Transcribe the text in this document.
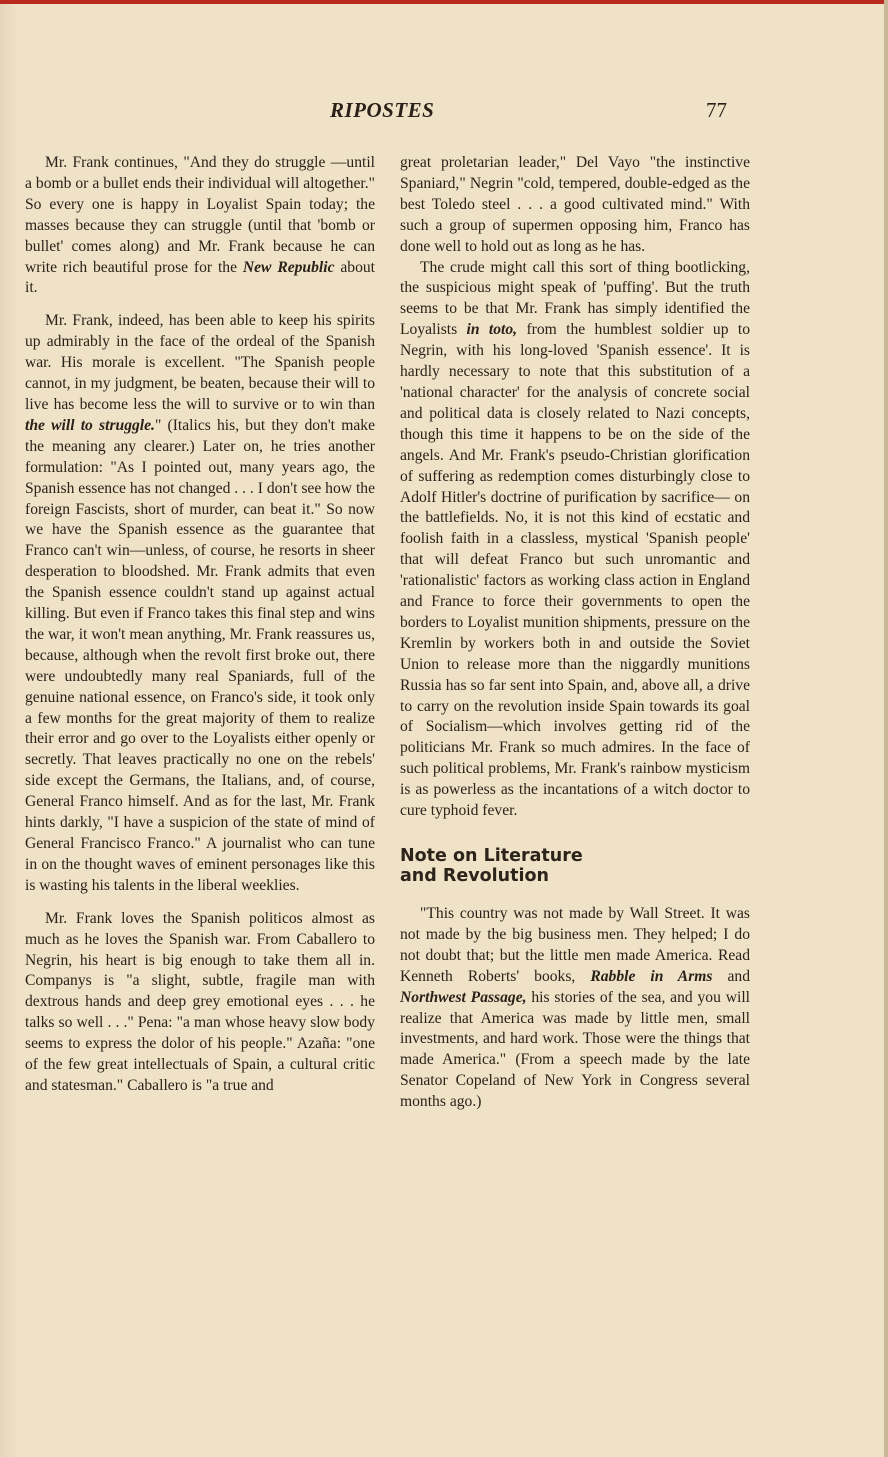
RIPOSTES	77

Mr. Frank continues, "And they do struggle —until a bomb or a bullet ends their individual will altogether." So every one is happy in Loyalist Spain today; the masses because they can struggle (until that 'bomb or bullet' comes along) and Mr. Frank because he can write rich beautiful prose for the New Republic about it.

Mr. Frank, indeed, has been able to keep his spirits up admirably in the face of the ordeal of the Spanish war. His morale is excellent. "The Spanish people cannot, in my judgment, be beaten, because their will to live has become less the will to survive or to win than the will to struggle." (Italics his, but they don't make the meaning any clearer.) Later on, he tries another formulation: "As I pointed out, many years ago, the Spanish essence has not changed . . . I don't see how the foreign Fascists, short of murder, can beat it." So now we have the Spanish essence as the guarantee that Franco can't win—unless, of course, he resorts in sheer desperation to bloodshed. Mr. Frank admits that even the Spanish essence couldn't stand up against actual killing. But even if Franco takes this final step and wins the war, it won't mean anything, Mr. Frank reassures us, because, although when the revolt first broke out, there were undoubtedly many real Spaniards, full of the genuine national essence, on Franco's side, it took only a few months for the great majority of them to realize their error and go over to the Loyalists either openly or secretly. That leaves practically no one on the rebels' side except the Germans, the Italians, and, of course, General Franco himself. And as for the last, Mr. Frank hints darkly, "I have a suspicion of the state of mind of General Francisco Franco." A journalist who can tune in on the thought waves of eminent personages like this is wasting his talents in the liberal weeklies.

Mr. Frank loves the Spanish politicos almost as much as he loves the Spanish war. From Caballero to Negrin, his heart is big enough to take them all in. Companys is "a slight, subtle, fragile man with dextrous hands and deep grey emotional eyes . . . he talks so well . . ." Pena: "a man whose heavy slow body seems to express the dolor of his people." Azaña: "one of the few great intellectuals of Spain, a cultural critic and statesman." Caballero is "a true and

great proletarian leader," Del Vayo "the instinctive Spaniard," Negrin "cold, tempered, double-edged as the best Toledo steel . . . a good cultivated mind." With such a group of supermen opposing him, Franco has done well to hold out as long as he has.

The crude might call this sort of thing bootlicking, the suspicious might speak of 'puffing'. But the truth seems to be that Mr. Frank has simply identified the Loyalists in toto, from the humblest soldier up to Negrin, with his long-loved 'Spanish essence'. It is hardly necessary to note that this substitution of a 'national character' for the analysis of concrete social and political data is closely related to Nazi concepts, though this time it happens to be on the side of the angels. And Mr. Frank's pseudo-Christian glorification of suffering as redemption comes disturbingly close to Adolf Hitler's doctrine of purification by sacrifice— on the battlefields. No, it is not this kind of ecstatic and foolish faith in a classless, mystical 'Spanish people' that will defeat Franco but such unromantic and 'rationalistic' factors as working class action in England and France to force their governments to open the borders to Loyalist munition shipments, pressure on the Kremlin by workers both in and outside the Soviet Union to release more than the niggardly munitions Russia has so far sent into Spain, and, above all, a drive to carry on the revolution inside Spain towards its goal of Socialism—which involves getting rid of the politicians Mr. Frank so much admires. In the face of such political problems, Mr. Frank's rainbow mysticism is as powerless as the incantations of a witch doctor to cure typhoid fever.

Note on Literature
and Revolution

"This country was not made by Wall Street. It was not made by the big business men. They helped; I do not doubt that; but the little men made America. Read Kenneth Roberts' books, Rabble in Arms and Northwest Passage, his stories of the sea, and you will realize that America was made by little men, small investments, and hard work. Those were the things that made America." (From a speech made by the late Senator Copeland of New York in Congress several months ago.)
